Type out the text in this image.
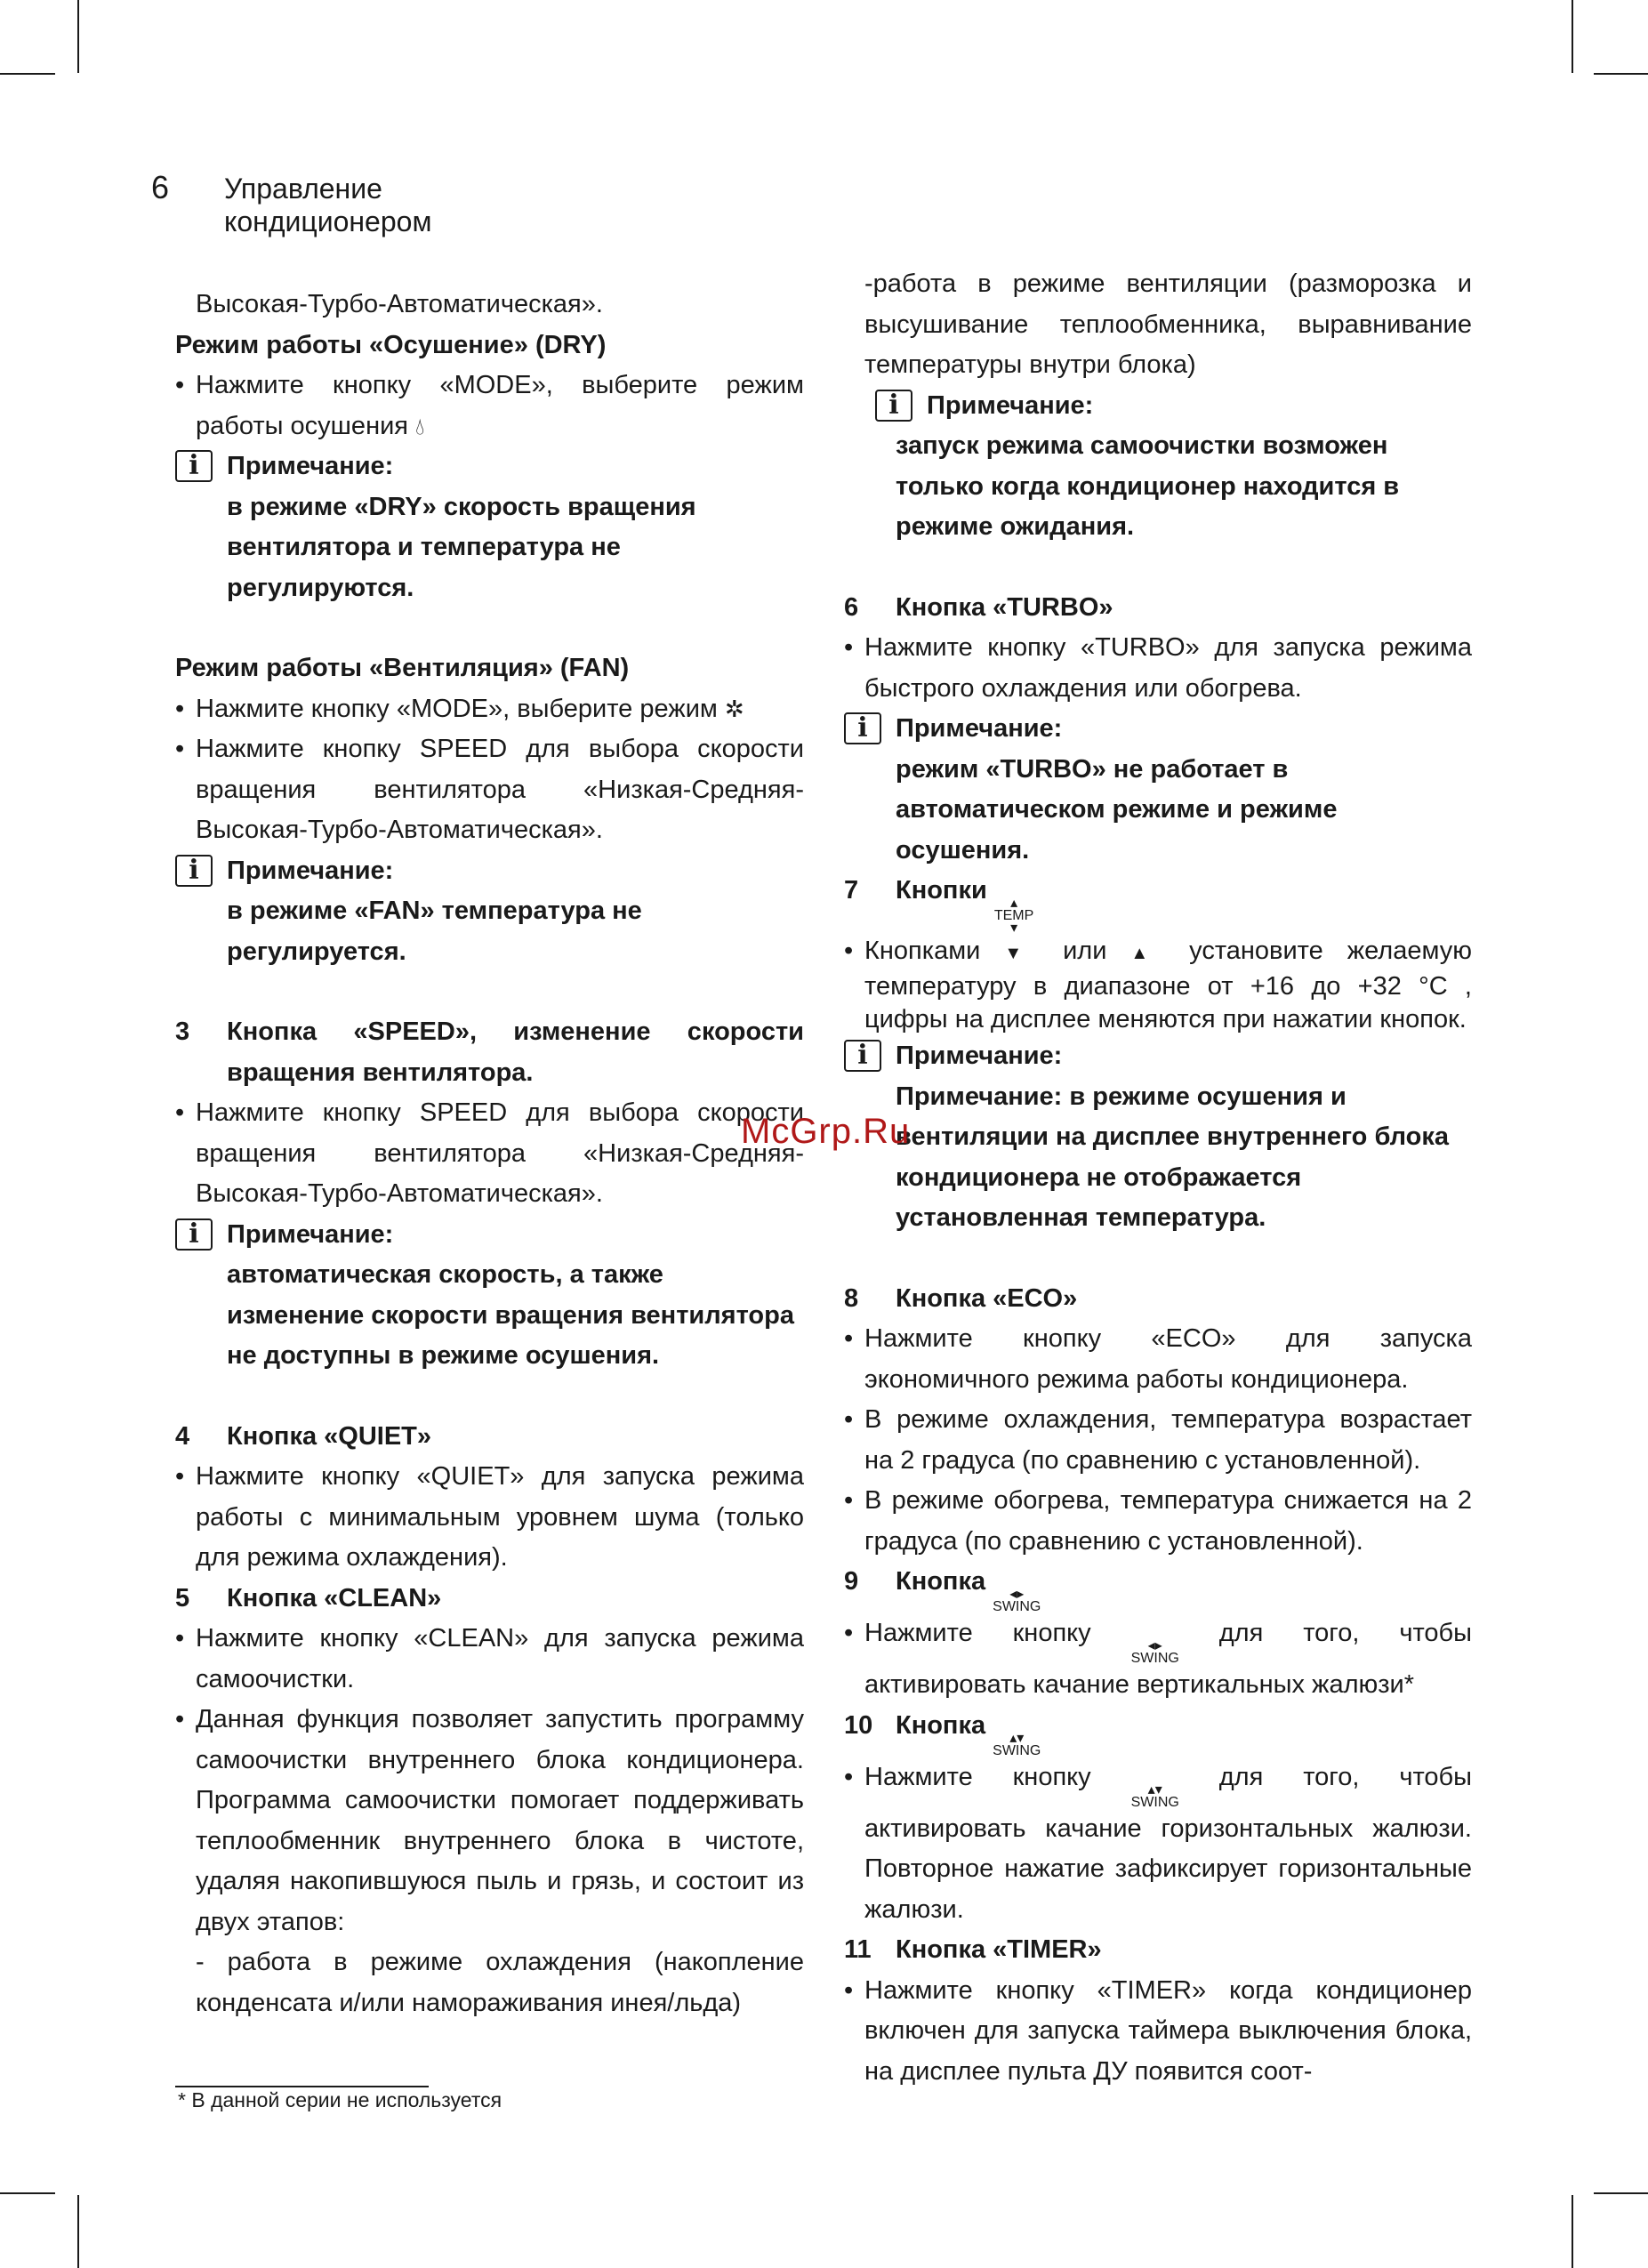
6 Управление кондиционером

Высокая-Турбо-Автоматическая».

Режим работы «Осушение» (DRY)

• Нажмите кнопку «MODE», выберите режим работы осушения 💧︎

i	Примечание:

в режиме «DRY» скорость вращения вентилятора и температура не регулируются.

Режим работы «Вентиляция» (FAN)

• Нажмите кнопку «MODE», выберите режим ✲

• Нажмите кнопку SPEED для выбора скорости вращения вентилятора «Низкая-Средняя-Высокая-Турбо-Автоматическая».

i	Примечание:

в режиме «FAN» температура не регулируется.

3 Кнопка «SPEED», изменение скорости вращения вентилятора.

• Нажмите кнопку SPEED для выбора скорости вращения вентилятора «Низкая-Средняя-Высокая-Турбо-Автоматическая».

i	Примечание:

автоматическая скорость, а также изменение скорости вращения вентилятора не доступны в режиме осушения.

4 Кнопка «QUIET»

• Нажмите кнопку «QUIET» для запуска режима работы с минимальным уровнем шума (только для режима охлаждения).

5 Кнопка «CLEAN»

• Нажмите кнопку «CLEAN» для запуска режима самоочистки.

• Данная функция позволяет запустить программу самоочистки внутреннего блока кондиционера. Программа самоочистки помогает поддерживать теплообменник внутреннего блока в чистоте, удаляя накопившуюся пыль и грязь, и состоит из двух этапов:

- работа в режиме охлаждения (накопление конденсата и/или намораживания инея/льда)

-работа в режиме вентиляции (разморозка и высушивание теплообменника, выравнивание температуры внутри блока)

i	Примечание:

запуск режима самоочистки возможен только когда кондиционер находится в режиме ожидания.

6 Кнопка «TURBO»

• Нажмите кнопку «TURBO» для запуска режима быстрого охлаждения или обогрева.

i	Примечание:

режим «TURBO» не работает в автоматическом режиме и режиме осушения.

7 Кнопки ▴
TEMP
▾

• Кнопками ▼ или ▲ установите желаемую температуру в диапазоне от +16 до +32 °C , цифры на дисплее меняются при нажатии кнопок.

i	Примечание:

Примечание: в режиме осушения и вентиляции на дисплее внутреннего блока кондиционера не отображается установленная температура.

8 Кнопка «ECO»

• Нажмите кнопку «ECO» для запуска экономичного режима работы кондиционера.

• В режиме охлаждения, температура возрастает на 2 градуса (по сравнению с установленной).

• В режиме обогрева, температура снижается на 2 градуса (по сравнению с установленной).

9 Кнопка ◂▸
SWING

• Нажмите кнопку	◂▸
SWING
для того, чтобы активировать качание вертикальных жалюзи*

10 Кнопка ▴▾
SWING

• Нажмите кнопку	▴▾
SWING
для того, чтобы активировать качание горизонтальных жалюзи. Повторное нажатие зафиксирует горизонтальные жалюзи.

11 Кнопка «TIMER»

• Нажмите кнопку «TIMER» когда кондиционер включен для запуска таймера выключения блока, на дисплее пульта ДУ появится соот-

McGrp.Ru
* В данной серии не используется
